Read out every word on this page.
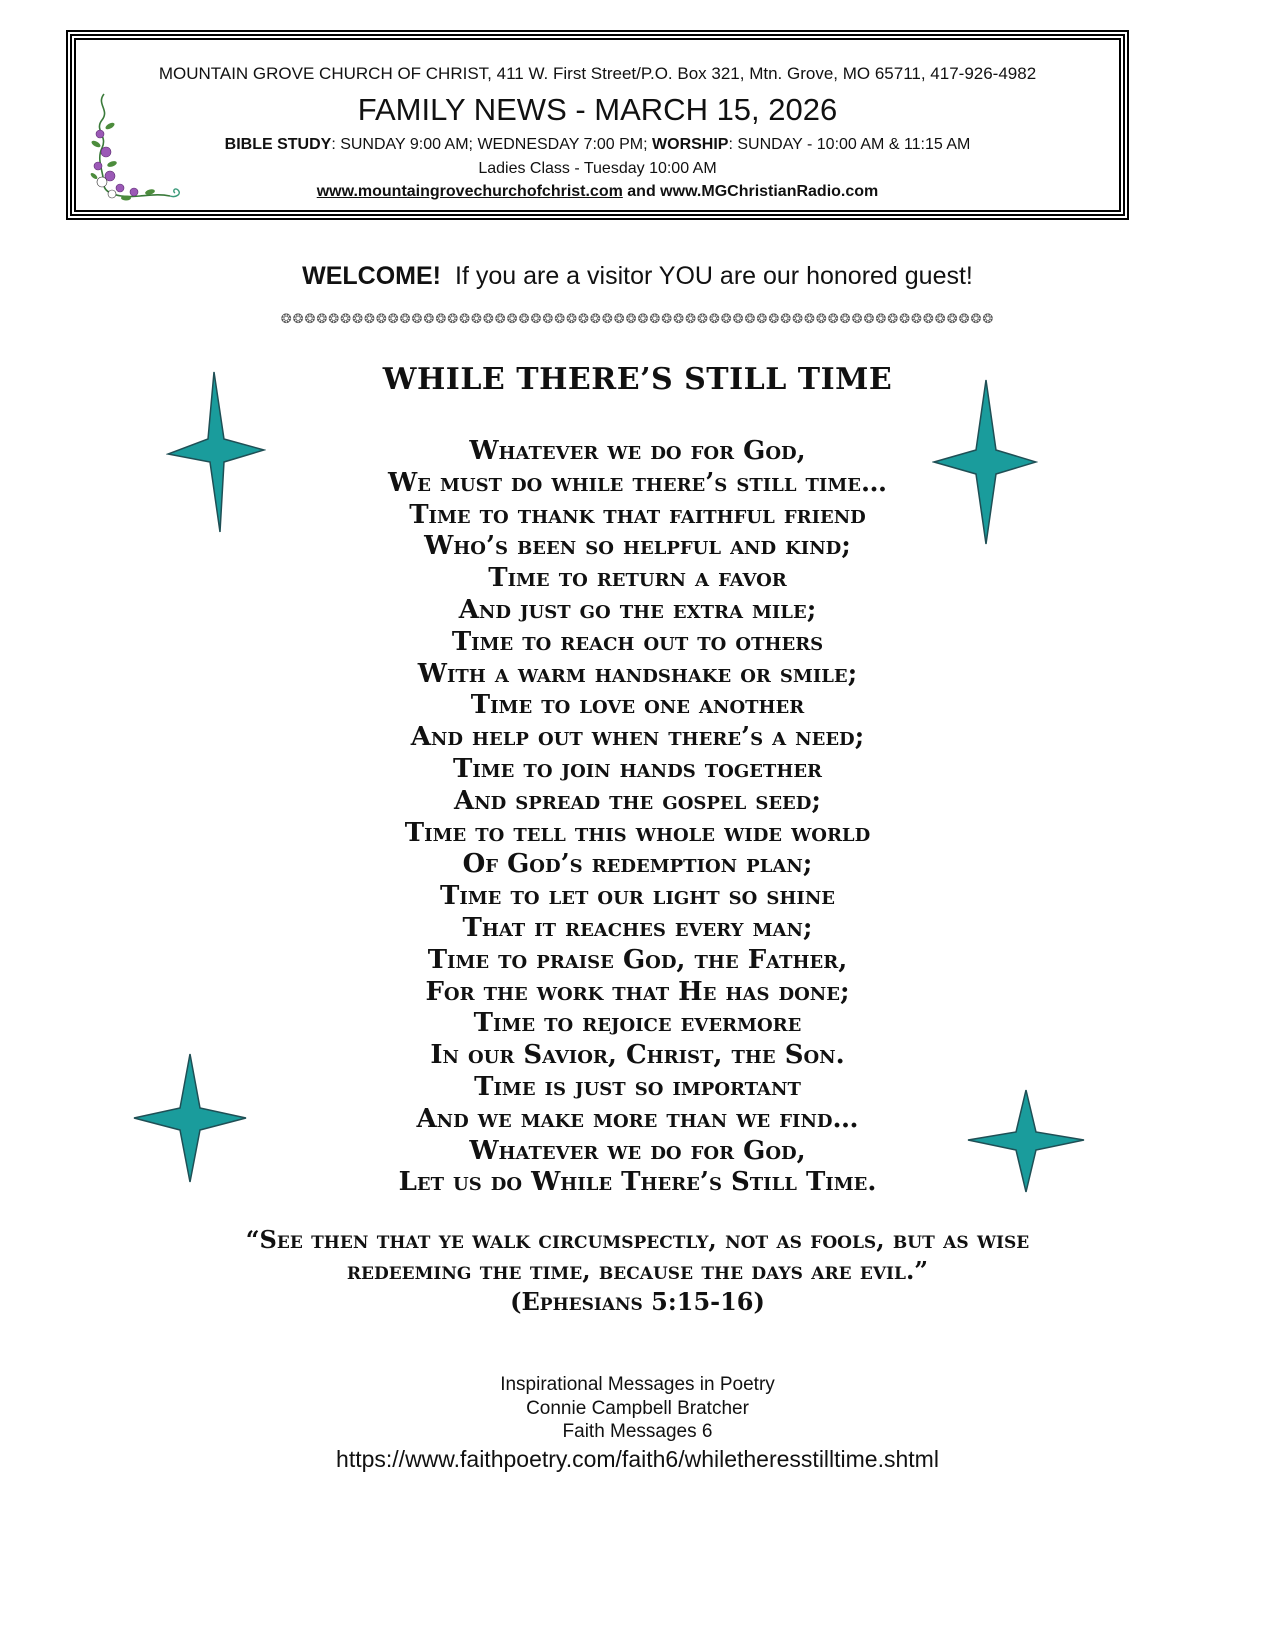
MOUNTAIN GROVE CHURCH OF CHRIST, 411 W. First Street/P.O. Box 321, Mtn. Grove, MO 65711, 417-926-4982
FAMILY NEWS - MARCH 15, 2026
BIBLE STUDY: SUNDAY 9:00 AM; WEDNESDAY 7:00 PM; WORSHIP: SUNDAY - 10:00 AM & 11:15 AM
Ladies Class - Tuesday 10:00 AM
www.mountaingrovechurchofchrist.com and www.MGChristianRadio.com
WELCOME! If you are a visitor YOU are our honored guest!
❂❂❂❂❂❂❂❂❂❂❂❂❂❂❂❂❂❂❂❂❂❂❂❂❂❂❂❂❂❂❂❂❂❂❂❂❂❂❂❂❂❂❂❂❂❂❂❂❂❂❂❂❂❂❂❂❂❂❂❂
WHILE THERE’S STILL TIME
Whatever we do for God,
We must do while there’s still time…
Time to thank that faithful friend
Who’s been so helpful and kind;
Time to return a favor
And just go the extra mile;
Time to reach out to others
With a warm handshake or smile;
Time to love one another
And help out when there’s a need;
Time to join hands together
And spread the gospel seed;
Time to tell this whole wide world
Of God’s redemption plan;
Time to let our light so shine
That it reaches every man;
Time to praise God, the Father,
For the work that He has done;
Time to rejoice evermore
In our Savior, Christ, the Son.
Time is just so important
And we make more than we find…
Whatever we do for God,
Let us do While There’s Still Time.
“See then that ye walk circumspectly, not as fools, but as wise
redeeming the time, because the days are evil.”
(Ephesians 5:15-16)
Inspirational Messages in Poetry
Connie Campbell Bratcher
Faith Messages 6
https://www.faithpoetry.com/faith6/whiletheresstilltime.shtml
